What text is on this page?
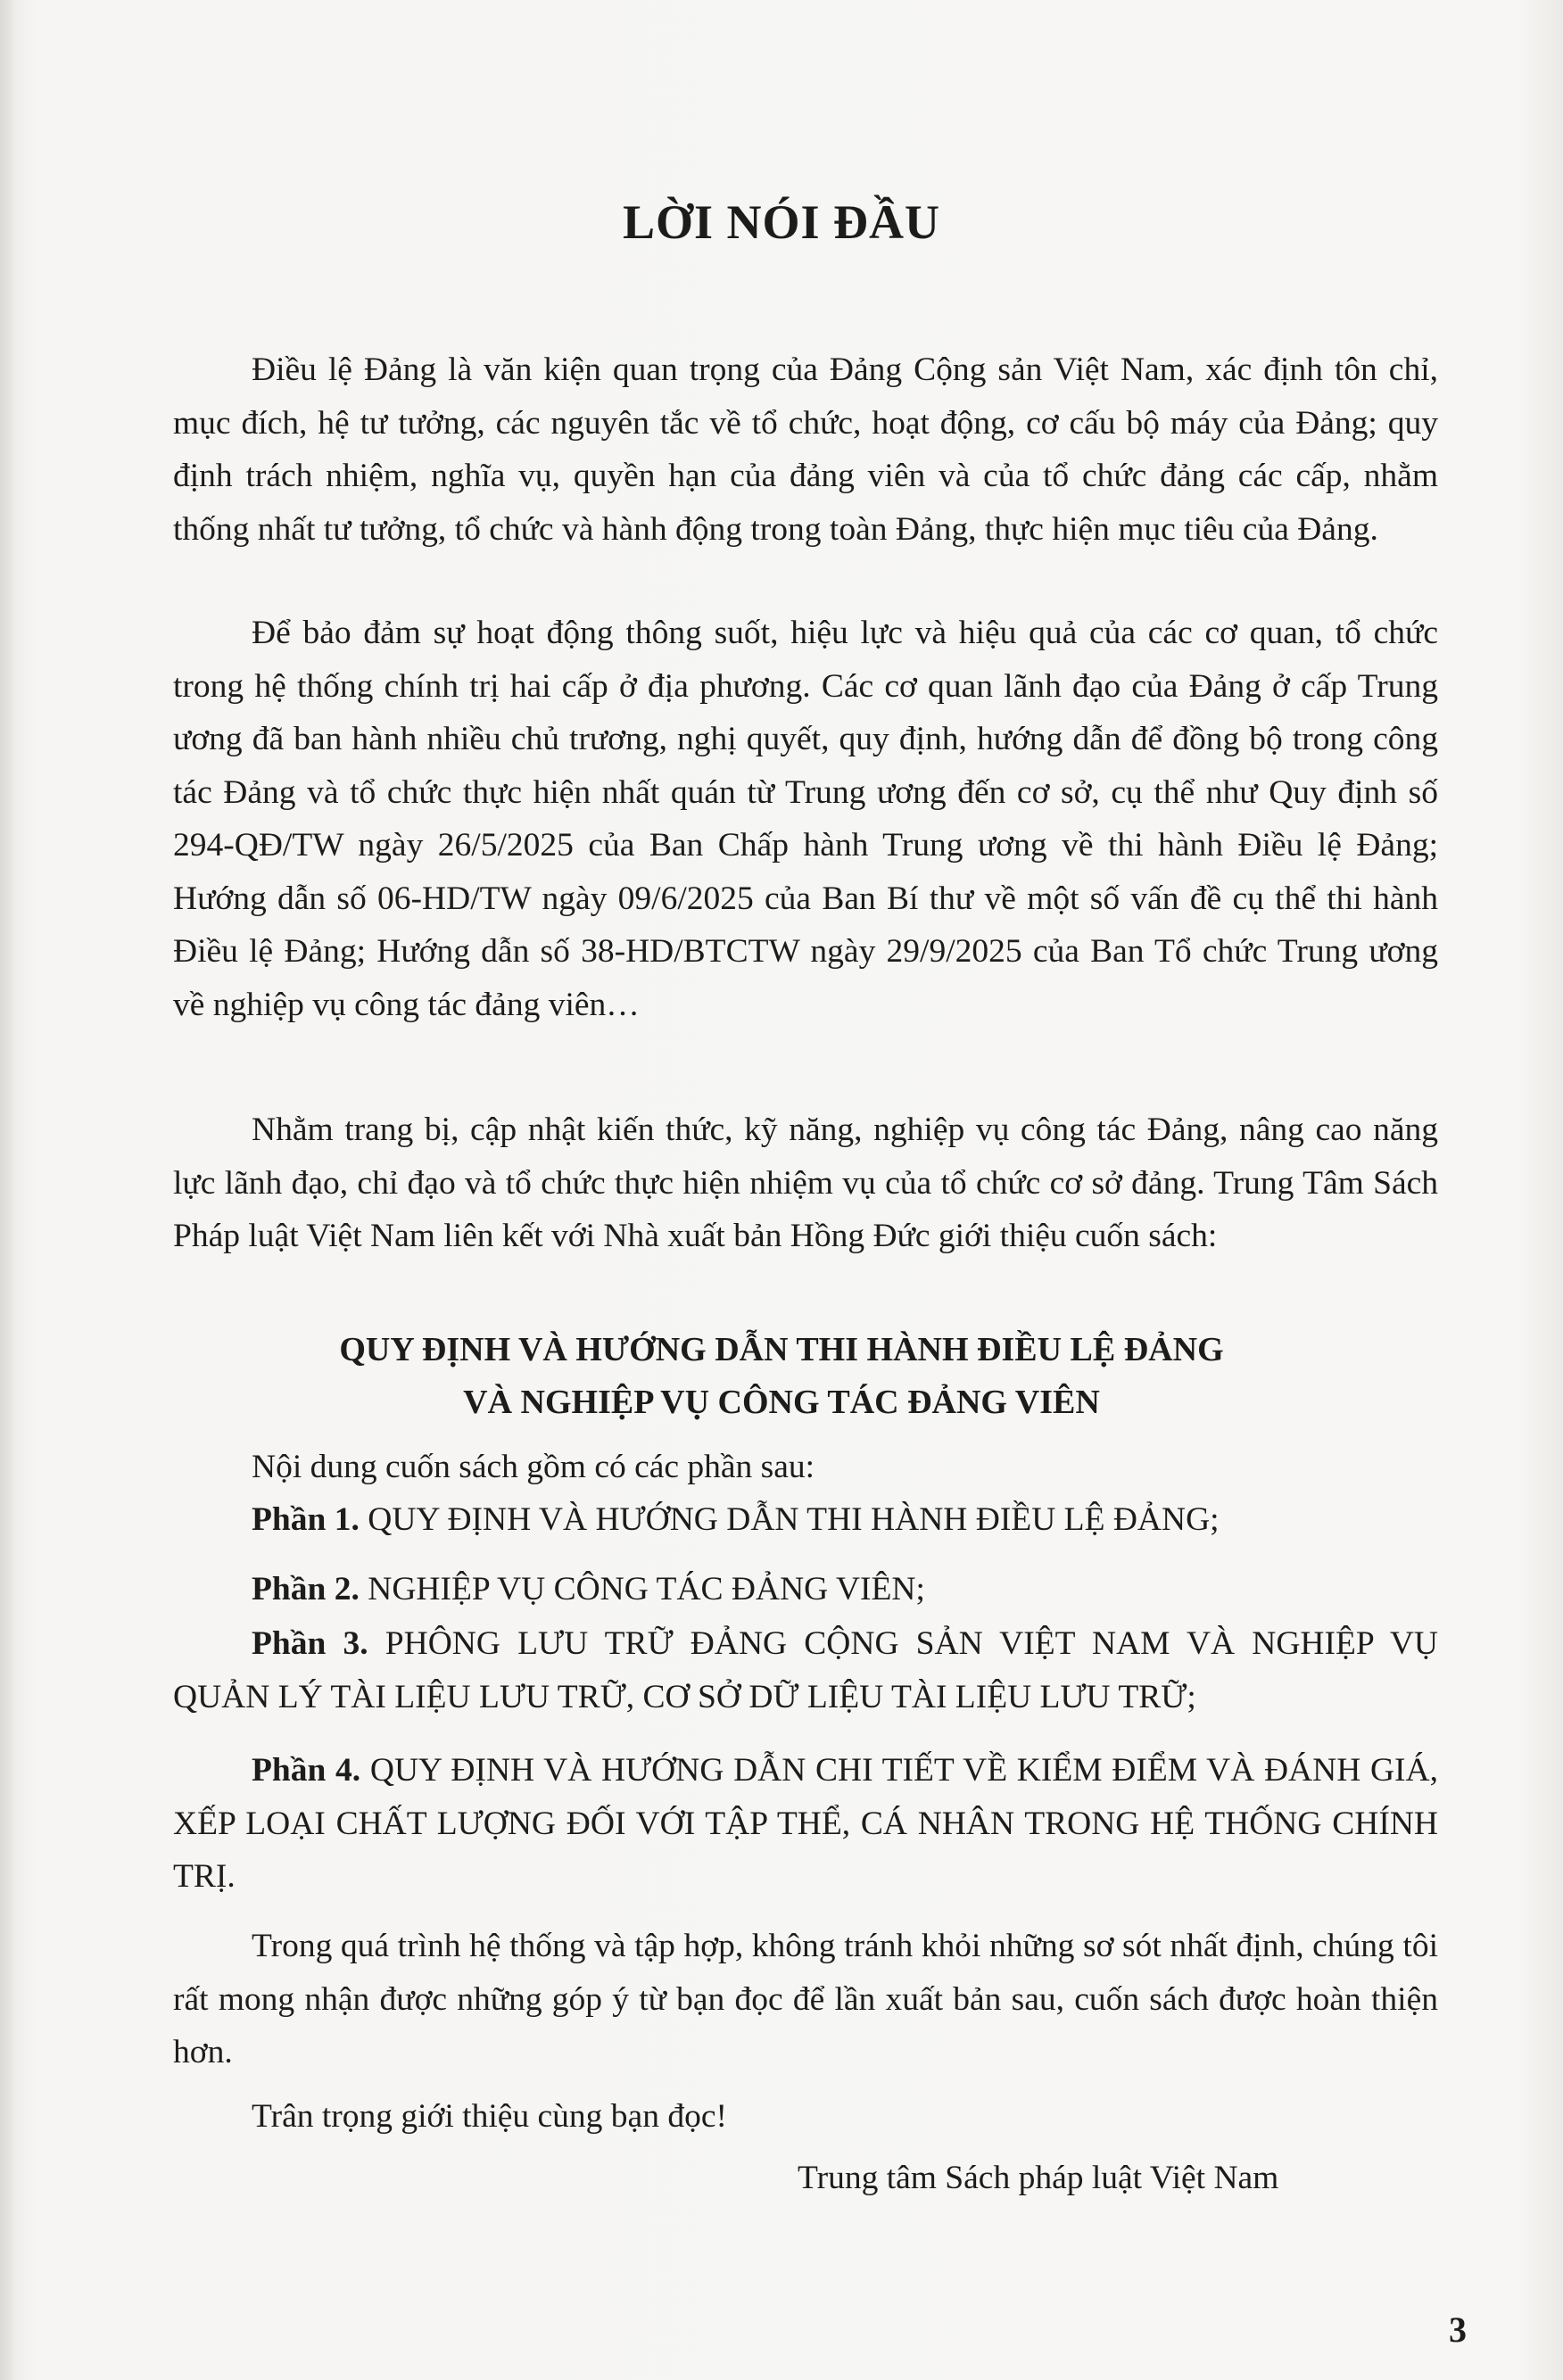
LỜI NÓI ĐẦU

Điều lệ Đảng là văn kiện quan trọng của Đảng Cộng sản Việt Nam, xác định tôn chỉ, mục đích, hệ tư tưởng, các nguyên tắc về tổ chức, hoạt động, cơ cấu bộ máy của Đảng; quy định trách nhiệm, nghĩa vụ, quyền hạn của đảng viên và của tổ chức đảng các cấp, nhằm thống nhất tư tưởng, tổ chức và hành động trong toàn Đảng, thực hiện mục tiêu của Đảng.

Để bảo đảm sự hoạt động thông suốt, hiệu lực và hiệu quả của các cơ quan, tổ chức trong hệ thống chính trị hai cấp ở địa phương. Các cơ quan lãnh đạo của Đảng ở cấp Trung ương đã ban hành nhiều chủ trương, nghị quyết, quy định, hướng dẫn để đồng bộ trong công tác Đảng và tổ chức thực hiện nhất quán từ Trung ương đến cơ sở, cụ thể như Quy định số 294-QĐ/TW ngày 26/5/2025 của Ban Chấp hành Trung ương về thi hành Điều lệ Đảng; Hướng dẫn số 06-HD/TW ngày 09/6/2025 của Ban Bí thư về một số vấn đề cụ thể thi hành Điều lệ Đảng; Hướng dẫn số 38-HD/BTCTW ngày 29/9/2025 của Ban Tổ chức Trung ương về nghiệp vụ công tác đảng viên…

Nhằm trang bị, cập nhật kiến thức, kỹ năng, nghiệp vụ công tác Đảng, nâng cao năng lực lãnh đạo, chỉ đạo và tổ chức thực hiện nhiệm vụ của tổ chức cơ sở đảng. Trung Tâm Sách Pháp luật Việt Nam liên kết với Nhà xuất bản Hồng Đức giới thiệu cuốn sách:

QUY ĐỊNH VÀ HƯỚNG DẪN THI HÀNH ĐIỀU LỆ ĐẢNG
VÀ NGHIỆP VỤ CÔNG TÁC ĐẢNG VIÊN

Nội dung cuốn sách gồm có các phần sau:

Phần 1. QUY ĐỊNH VÀ HƯỚNG DẪN THI HÀNH ĐIỀU LỆ ĐẢNG;

Phần 2. NGHIỆP VỤ CÔNG TÁC ĐẢNG VIÊN;

Phần 3. PHÔNG LƯU TRỮ ĐẢNG CỘNG SẢN VIỆT NAM VÀ NGHIỆP VỤ QUẢN LÝ TÀI LIỆU LƯU TRỮ, CƠ SỞ DỮ LIỆU TÀI LIỆU LƯU TRỮ;

Phần 4. QUY ĐỊNH VÀ HƯỚNG DẪN CHI TIẾT VỀ KIỂM ĐIỂM VÀ ĐÁNH GIÁ, XẾP LOẠI CHẤT LƯỢNG ĐỐI VỚI TẬP THỂ, CÁ NHÂN TRONG HỆ THỐNG CHÍNH TRỊ.

Trong quá trình hệ thống và tập hợp, không tránh khỏi những sơ sót nhất định, chúng tôi rất mong nhận được những góp ý từ bạn đọc để lần xuất bản sau, cuốn sách được hoàn thiện hơn.

Trân trọng giới thiệu cùng bạn đọc!

Trung tâm Sách pháp luật Việt Nam
3
